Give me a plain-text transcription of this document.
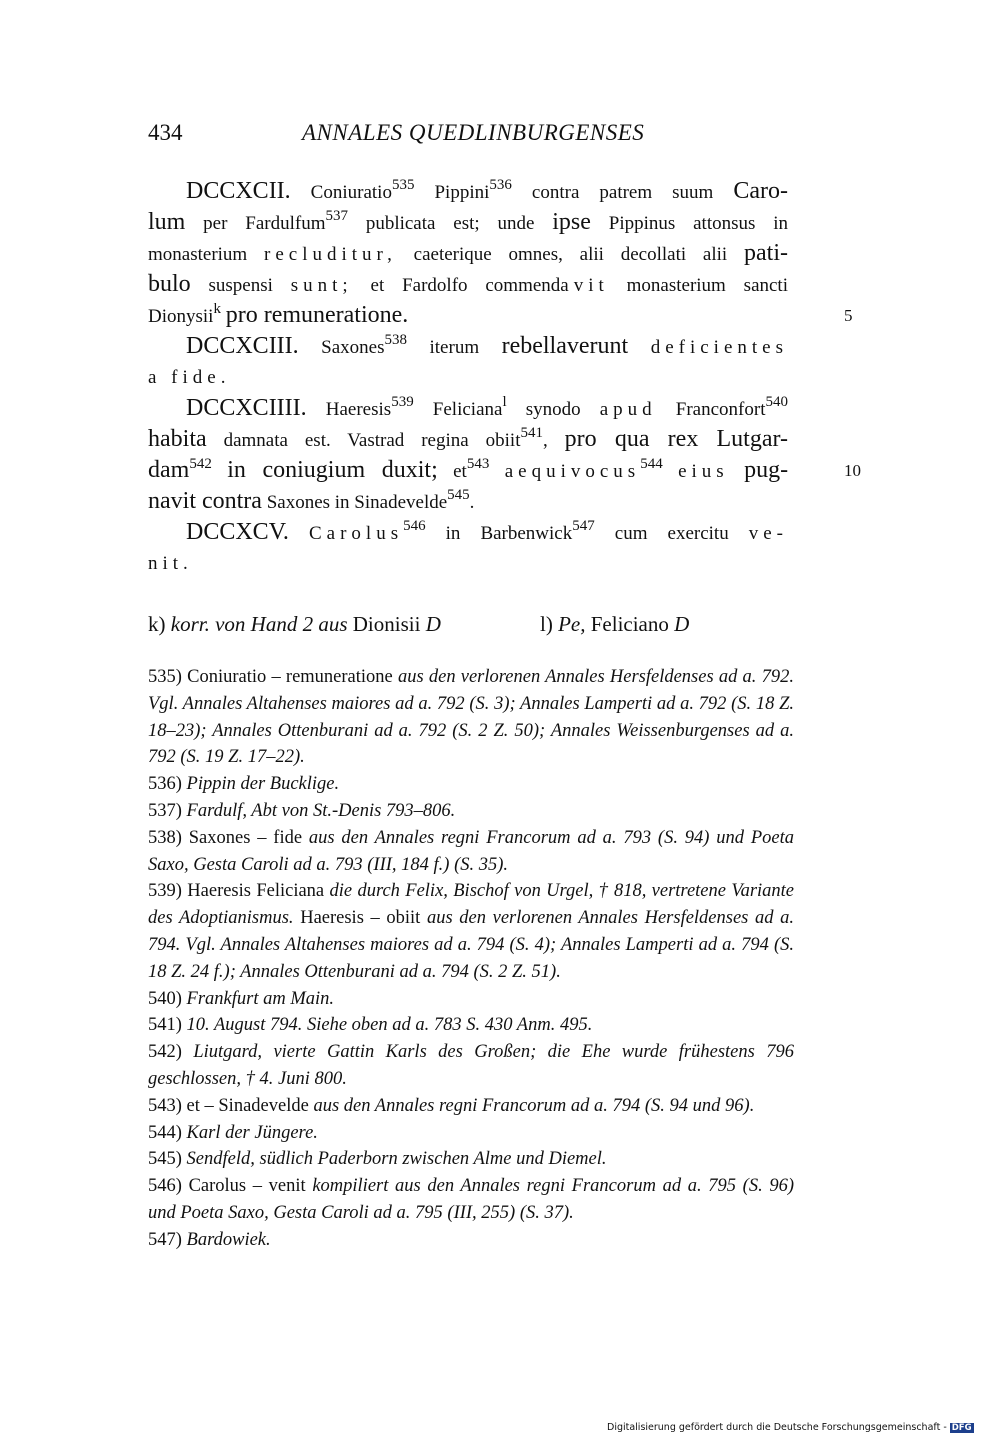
434	ANNALES QUEDLINBURGENSES
DCCXCII. Coniuratio$^{535}$ Pippini$^{536}$ contra patrem suum Caro-
lum per Fardulfum$^{537}$ publicata est; unde ipse Pippinus attonsus in
monasterium recluditur, caeterique omnes, alii decollati alii pati-
bulo suspensi sunt; et Fardolfo commendavit monasterium sancti
Dionysii$^k$ pro remuneratione.	5
DCCXCIII. Saxones$^{538}$ iterum rebellaverunt deficientes
a fide.
DCCXCIIII. Haeresis$^{539}$ Feliciana$^l$ synodo apud Franconfort$^{540}$
habita damnata est. Vastrad regina obiit$^{541}$, pro qua rex Lutgar-
dam$^{542}$ in coniugium duxit; $et^{543}$ aequivocus$^{544}$ eius pug-	10
navit contra Saxones in Sinadevelde$^{545}$.
DCCXCV. Carolus$^{546}$ in Barbenwick$^{547}$ cum exercitu ve-
nit.
k) korr. von Hand 2 aus Dionisii D	l) Pe, Feliciano D

535) Coniuratio – remuneratione aus den verlorenen Annales Hersfeldenses ad a. 792. Vgl. Annales Altahenses maiores ad a. 792 (S. 3); Annales Lamperti ad a. 792 (S. 18 Z. 18–23); Annales Ottenburani ad a. 792 (S. 2 Z. 50); Annales Weissenburgenses ad a. 792 (S. 19 Z. 17–22).

536) Pippin der Bucklige.

537) Fardulf, Abt von St.-Denis 793–806.

538) Saxones – fide aus den Annales regni Francorum ad a. 793 (S. 94) und Poeta Saxo, Gesta Caroli ad a. 793 (III, 184 f.) (S. 35).

539) Haeresis Feliciana die durch Felix, Bischof von Urgel, † 818, vertretene Variante des Adoptianismus. Haeresis – obiit aus den verlorenen Annales Hersfeldenses ad a. 794. Vgl. Annales Altahenses maiores ad a. 794 (S. 4); Annales Lamperti ad a. 794 (S. 18 Z. 24 f.); Annales Ottenburani ad a. 794 (S. 2 Z. 51).

540) Frankfurt am Main.

541) 10. August 794. Siehe oben ad a. 783 S. 430 Anm. 495.

542) Liutgard, vierte Gattin Karls des Großen; die Ehe wurde frühestens 796 geschlossen, † 4. Juni 800.

543) et – Sinadevelde aus den Annales regni Francorum ad a. 794 (S. 94 und 96).

544) Karl der Jüngere.

545) Sendfeld, südlich Paderborn zwischen Alme und Diemel.

546) Carolus – venit kompiliert aus den Annales regni Francorum ad a. 795 (S. 96) und Poeta Saxo, Gesta Caroli ad a. 795 (III, 255) (S. 37).

547) Bardowiek.

Digitalisierung gefördert durch die Deutsche Forschungsgemeinschaft - DFG
